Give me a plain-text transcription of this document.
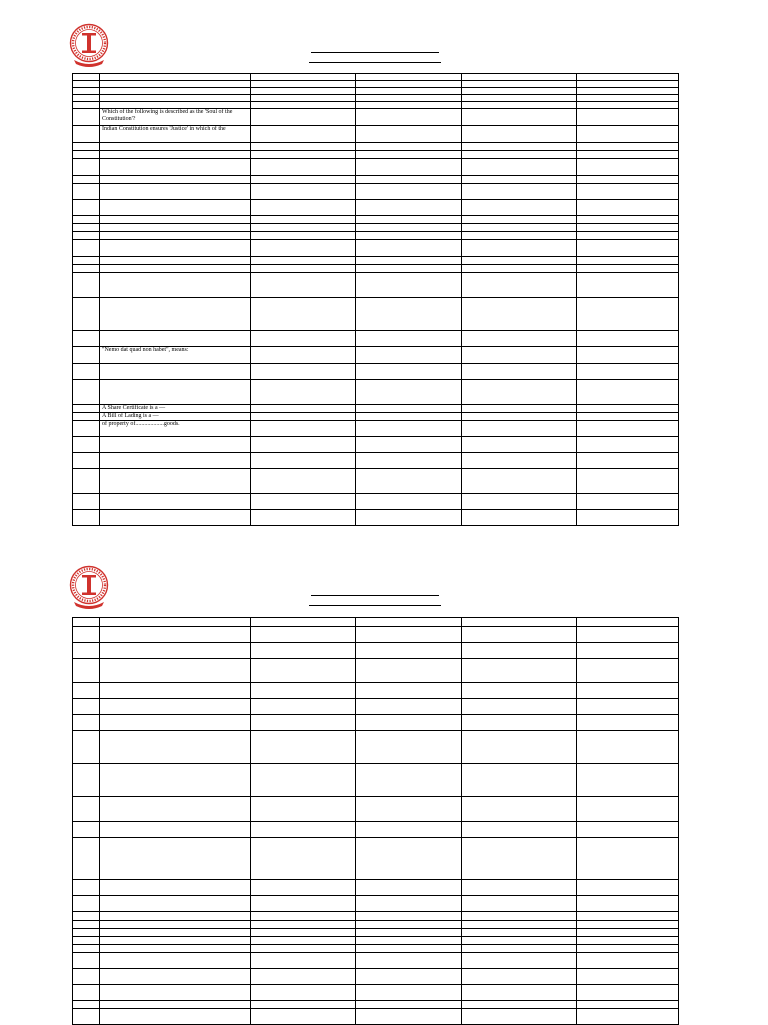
	Which of the following is described as the 'Soul of the Constitution'?				
	Indian Constitution ensures 'Justice' in which of the				

	"Nemo dat quad non habet", means:				

	A Share Certificate is a —				
	A Bill of Lading is a —				
	of property of...................goods.				
